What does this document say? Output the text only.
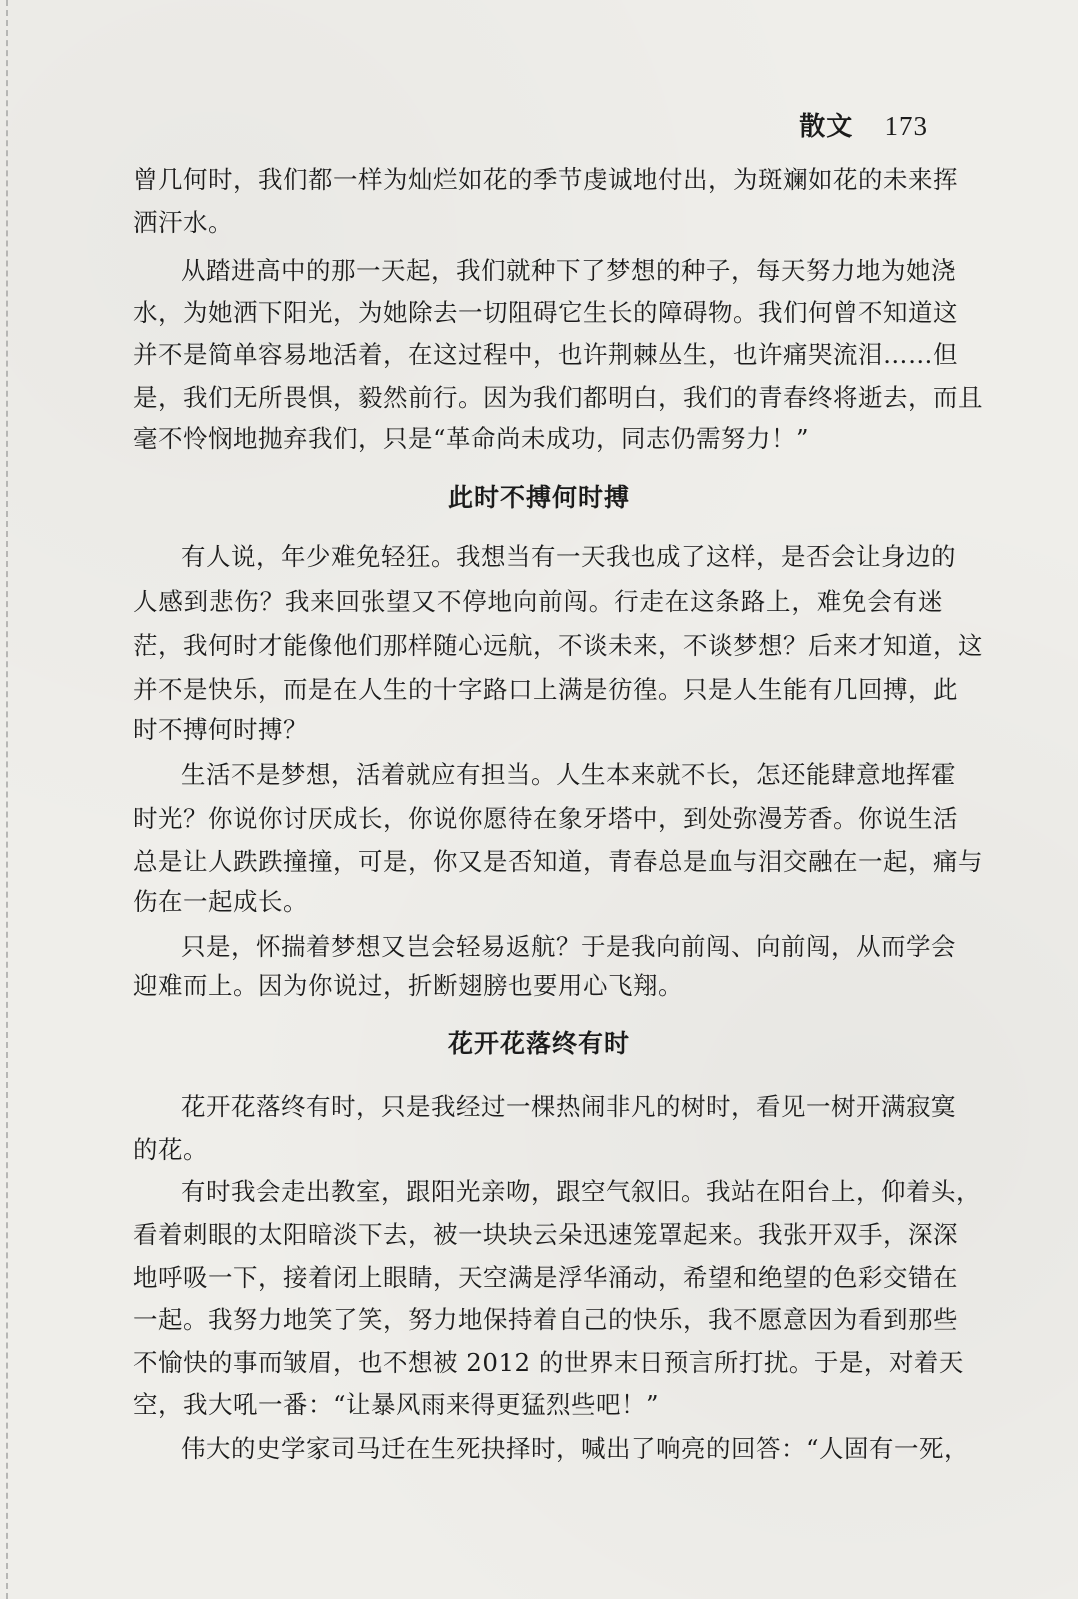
散文 173
曾几何时，我们都一样为灿烂如花的季节虔诚地付出，为斑斓如花的未来挥
洒汗水。
从踏进高中的那一天起，我们就种下了梦想的种子，每天努力地为她浇
水，为她洒下阳光，为她除去一切阻碍它生长的障碍物。我们何曾不知道这
并不是简单容易地活着，在这过程中，也许荆棘丛生，也许痛哭流泪……但
是，我们无所畏惧，毅然前行。因为我们都明白，我们的青春终将逝去，而且
毫不怜悯地抛弃我们，只是“革命尚未成功，同志仍需努力！”
此时不搏何时搏
有人说，年少难免轻狂。我想当有一天我也成了这样，是否会让身边的
人感到悲伤？我来回张望又不停地向前闯。行走在这条路上，难免会有迷
茫，我何时才能像他们那样随心远航，不谈未来，不谈梦想？后来才知道，这
并不是快乐，而是在人生的十字路口上满是彷徨。只是人生能有几回搏，此
时不搏何时搏？
生活不是梦想，活着就应有担当。人生本来就不长，怎还能肆意地挥霍
时光？你说你讨厌成长，你说你愿待在象牙塔中，到处弥漫芳香。你说生活
总是让人跌跌撞撞，可是，你又是否知道，青春总是血与泪交融在一起，痛与
伤在一起成长。
只是，怀揣着梦想又岂会轻易返航？于是我向前闯、向前闯，从而学会
迎难而上。因为你说过，折断翅膀也要用心飞翔。
花开花落终有时
花开花落终有时，只是我经过一棵热闹非凡的树时，看见一树开满寂寞
的花。
有时我会走出教室，跟阳光亲吻，跟空气叙旧。我站在阳台上，仰着头，
看着刺眼的太阳暗淡下去，被一块块云朵迅速笼罩起来。我张开双手，深深
地呼吸一下，接着闭上眼睛，天空满是浮华涌动，希望和绝望的色彩交错在
一起。我努力地笑了笑，努力地保持着自己的快乐，我不愿意因为看到那些
不愉快的事而皱眉，也不想被 2012 的世界末日预言所打扰。于是，对着天
空，我大吼一番：“让暴风雨来得更猛烈些吧！”
伟大的史学家司马迁在生死抉择时，喊出了响亮的回答：“人固有一死，
